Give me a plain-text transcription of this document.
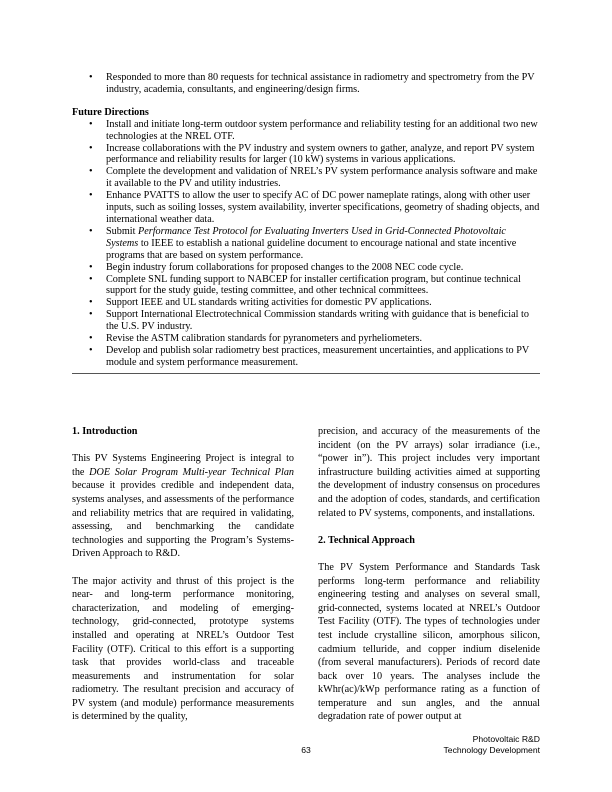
• Responded to more than 80 requests for technical assistance in radiometry and spectrometry from the PV industry, academia, consultants, and engineering/design firms.
Future Directions
• Install and initiate long-term outdoor system performance and reliability testing for an additional two new technologies at the NREL OTF.
• Increase collaborations with the PV industry and system owners to gather, analyze, and report PV system performance and reliability results for larger (10 kW) systems in various applications.
• Complete the development and validation of NREL’s PV system performance analysis software and make it available to the PV and utility industries.
• Enhance PVATTS to allow the user to specify AC of DC power nameplate ratings, along with other user inputs, such as soiling losses, system availability, inverter specifications, geometry of shading objects, and international weather data.
• Submit Performance Test Protocol for Evaluating Inverters Used in Grid-Connected Photovoltaic Systems to IEEE to establish a national guideline document to encourage national and state incentive programs that are based on system performance.
• Begin industry forum collaborations for proposed changes to the 2008 NEC code cycle.
• Complete SNL funding support to NABCEP for installer certification program, but continue technical support for the study guide, testing committee, and other technical committees.
• Support IEEE and UL standards writing activities for domestic PV applications.
• Support International Electrotechnical Commission standards writing with guidance that is beneficial to the U.S. PV industry.
• Revise the ASTM calibration standards for pyranometers and pyrheliometers.
• Develop and publish solar radiometry best practices, measurement uncertainties, and applications to PV module and system performance measurement.
1. Introduction

This PV Systems Engineering Project is integral to the DOE Solar Program Multi-year Technical Plan because it provides credible and independent data, systems analyses, and assessments of the performance and reliability metrics that are required in validating, assessing, and benchmarking the candidate technologies and supporting the Program’s Systems-Driven Approach to R&D.

The major activity and thrust of this project is the near- and long-term performance monitoring, characterization, and modeling of emerging-technology, grid-connected, prototype systems installed and operating at NREL’s Outdoor Test Facility (OTF). Critical to this effort is a supporting task that provides world-class and traceable measurements and instrumentation for solar radiometry. The resultant precision and accuracy of PV system (and module) performance measurements is determined by the quality,

precision, and accuracy of the measurements of the incident (on the PV arrays) solar irradiance (i.e., “power in”). This project includes very important infrastructure building activities aimed at supporting the development of industry consensus on procedures and the adoption of codes, standards, and certification related to PV systems, components, and installations.

2. Technical Approach

The PV System Performance and Standards Task performs long-term performance and reliability engineering testing and analyses on several small, grid-connected, systems located at NREL’s Outdoor Test Facility (OTF). The types of technologies under test include crystalline silicon, amorphous silicon, cadmium telluride, and copper indium diselenide (from several manufacturers). Periods of record date back over 10 years. The analyses include the kWhr(ac)/kWp performance rating as a function of temperature and sun angles, and the annual degradation rate of power output at

Photovoltaic R&D
Technology Development
63
